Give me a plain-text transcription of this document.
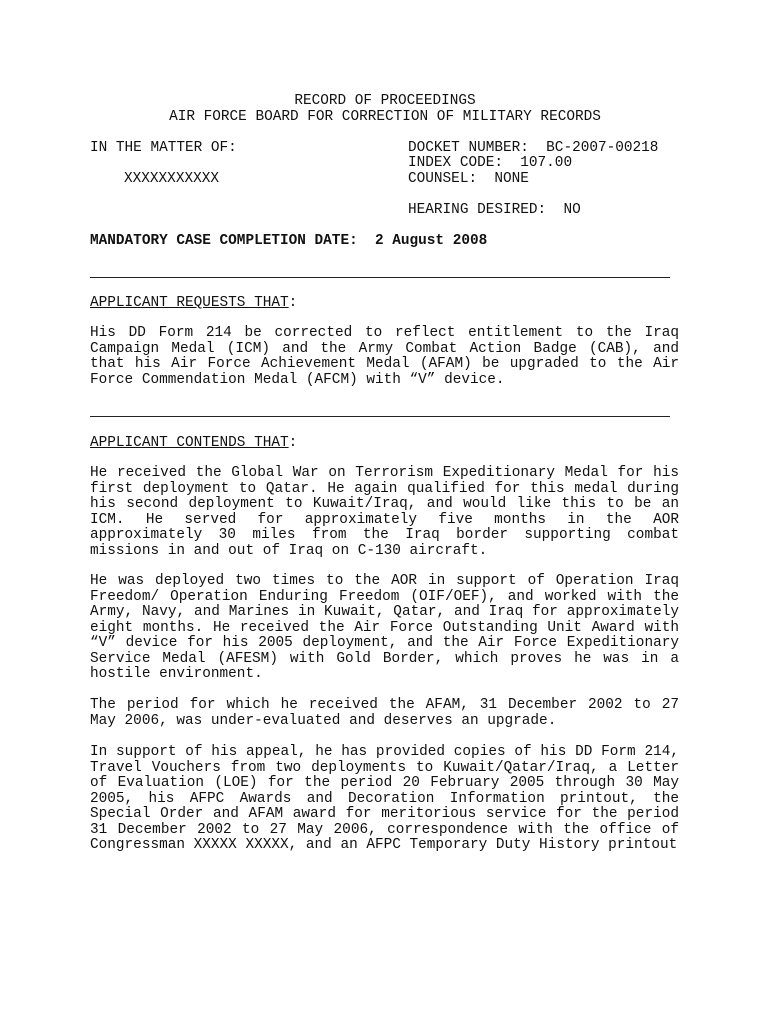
RECORD OF PROCEEDINGS
AIR FORCE BOARD FOR CORRECTION OF MILITARY RECORDS
IN THE MATTER OF:
XXXXXXXXXXX
DOCKET NUMBER:  BC-2007-00218
INDEX CODE:  107.00
COUNSEL:  NONE
HEARING DESIRED:  NO
MANDATORY CASE COMPLETION DATE:  2 August 2008
APPLICANT REQUESTS THAT:
His DD Form 214 be corrected to reflect entitlement to the Iraq Campaign Medal (ICM) and the Army Combat Action Badge (CAB), and that his Air Force Achievement Medal (AFAM) be upgraded to the Air Force Commendation Medal (AFCM) with “V” device.
APPLICANT CONTENDS THAT:
He received the Global War on Terrorism Expeditionary Medal for his first deployment to Qatar. He again qualified for this medal during his second deployment to Kuwait/Iraq, and would like this to be an ICM. He served for approximately five months in the AOR approximately 30 miles from the Iraq border supporting combat missions in and out of Iraq on C-130 aircraft.
He was deployed two times to the AOR in support of Operation Iraq Freedom/ Operation Enduring Freedom (OIF/OEF), and worked with the Army, Navy, and Marines in Kuwait, Qatar, and Iraq for approximately eight months. He received the Air Force Outstanding Unit Award with “V” device for his 2005 deployment, and the Air Force Expeditionary Service Medal (AFESM) with Gold Border, which proves he was in a hostile environment.
The period for which he received the AFAM, 31 December 2002 to 27 May 2006, was under-evaluated and deserves an upgrade.
In support of his appeal, he has provided copies of his DD Form 214, Travel Vouchers from two deployments to Kuwait/Qatar/Iraq, a Letter of Evaluation (LOE) for the period 20 February 2005 through 30 May 2005, his AFPC Awards and Decoration Information printout, the Special Order and AFAM award for meritorious service for the period 31 December 2002 to 27 May 2006, correspondence with the office of Congressman XXXXX XXXXX, and an AFPC Temporary Duty History printout
